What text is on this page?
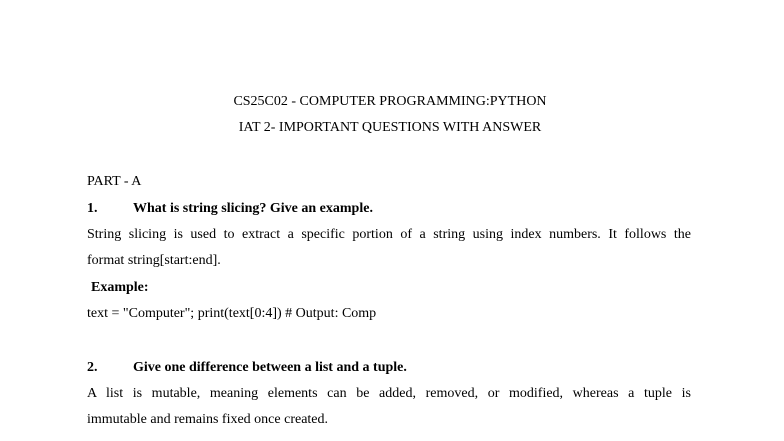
CS25C02 - COMPUTER PROGRAMMING:PYTHON
IAT 2- IMPORTANT QUESTIONS WITH ANSWER
PART - A
1.	What is string slicing? Give an example.
String slicing is used to extract a specific portion of a string using index numbers. It follows the
format string[start:end].
Example:
text = "Computer"; print(text[0:4]) # Output: Comp
2.	Give one difference between a list and a tuple.
A list is mutable, meaning elements can be added, removed, or modified, whereas a tuple is
immutable and remains fixed once created.
